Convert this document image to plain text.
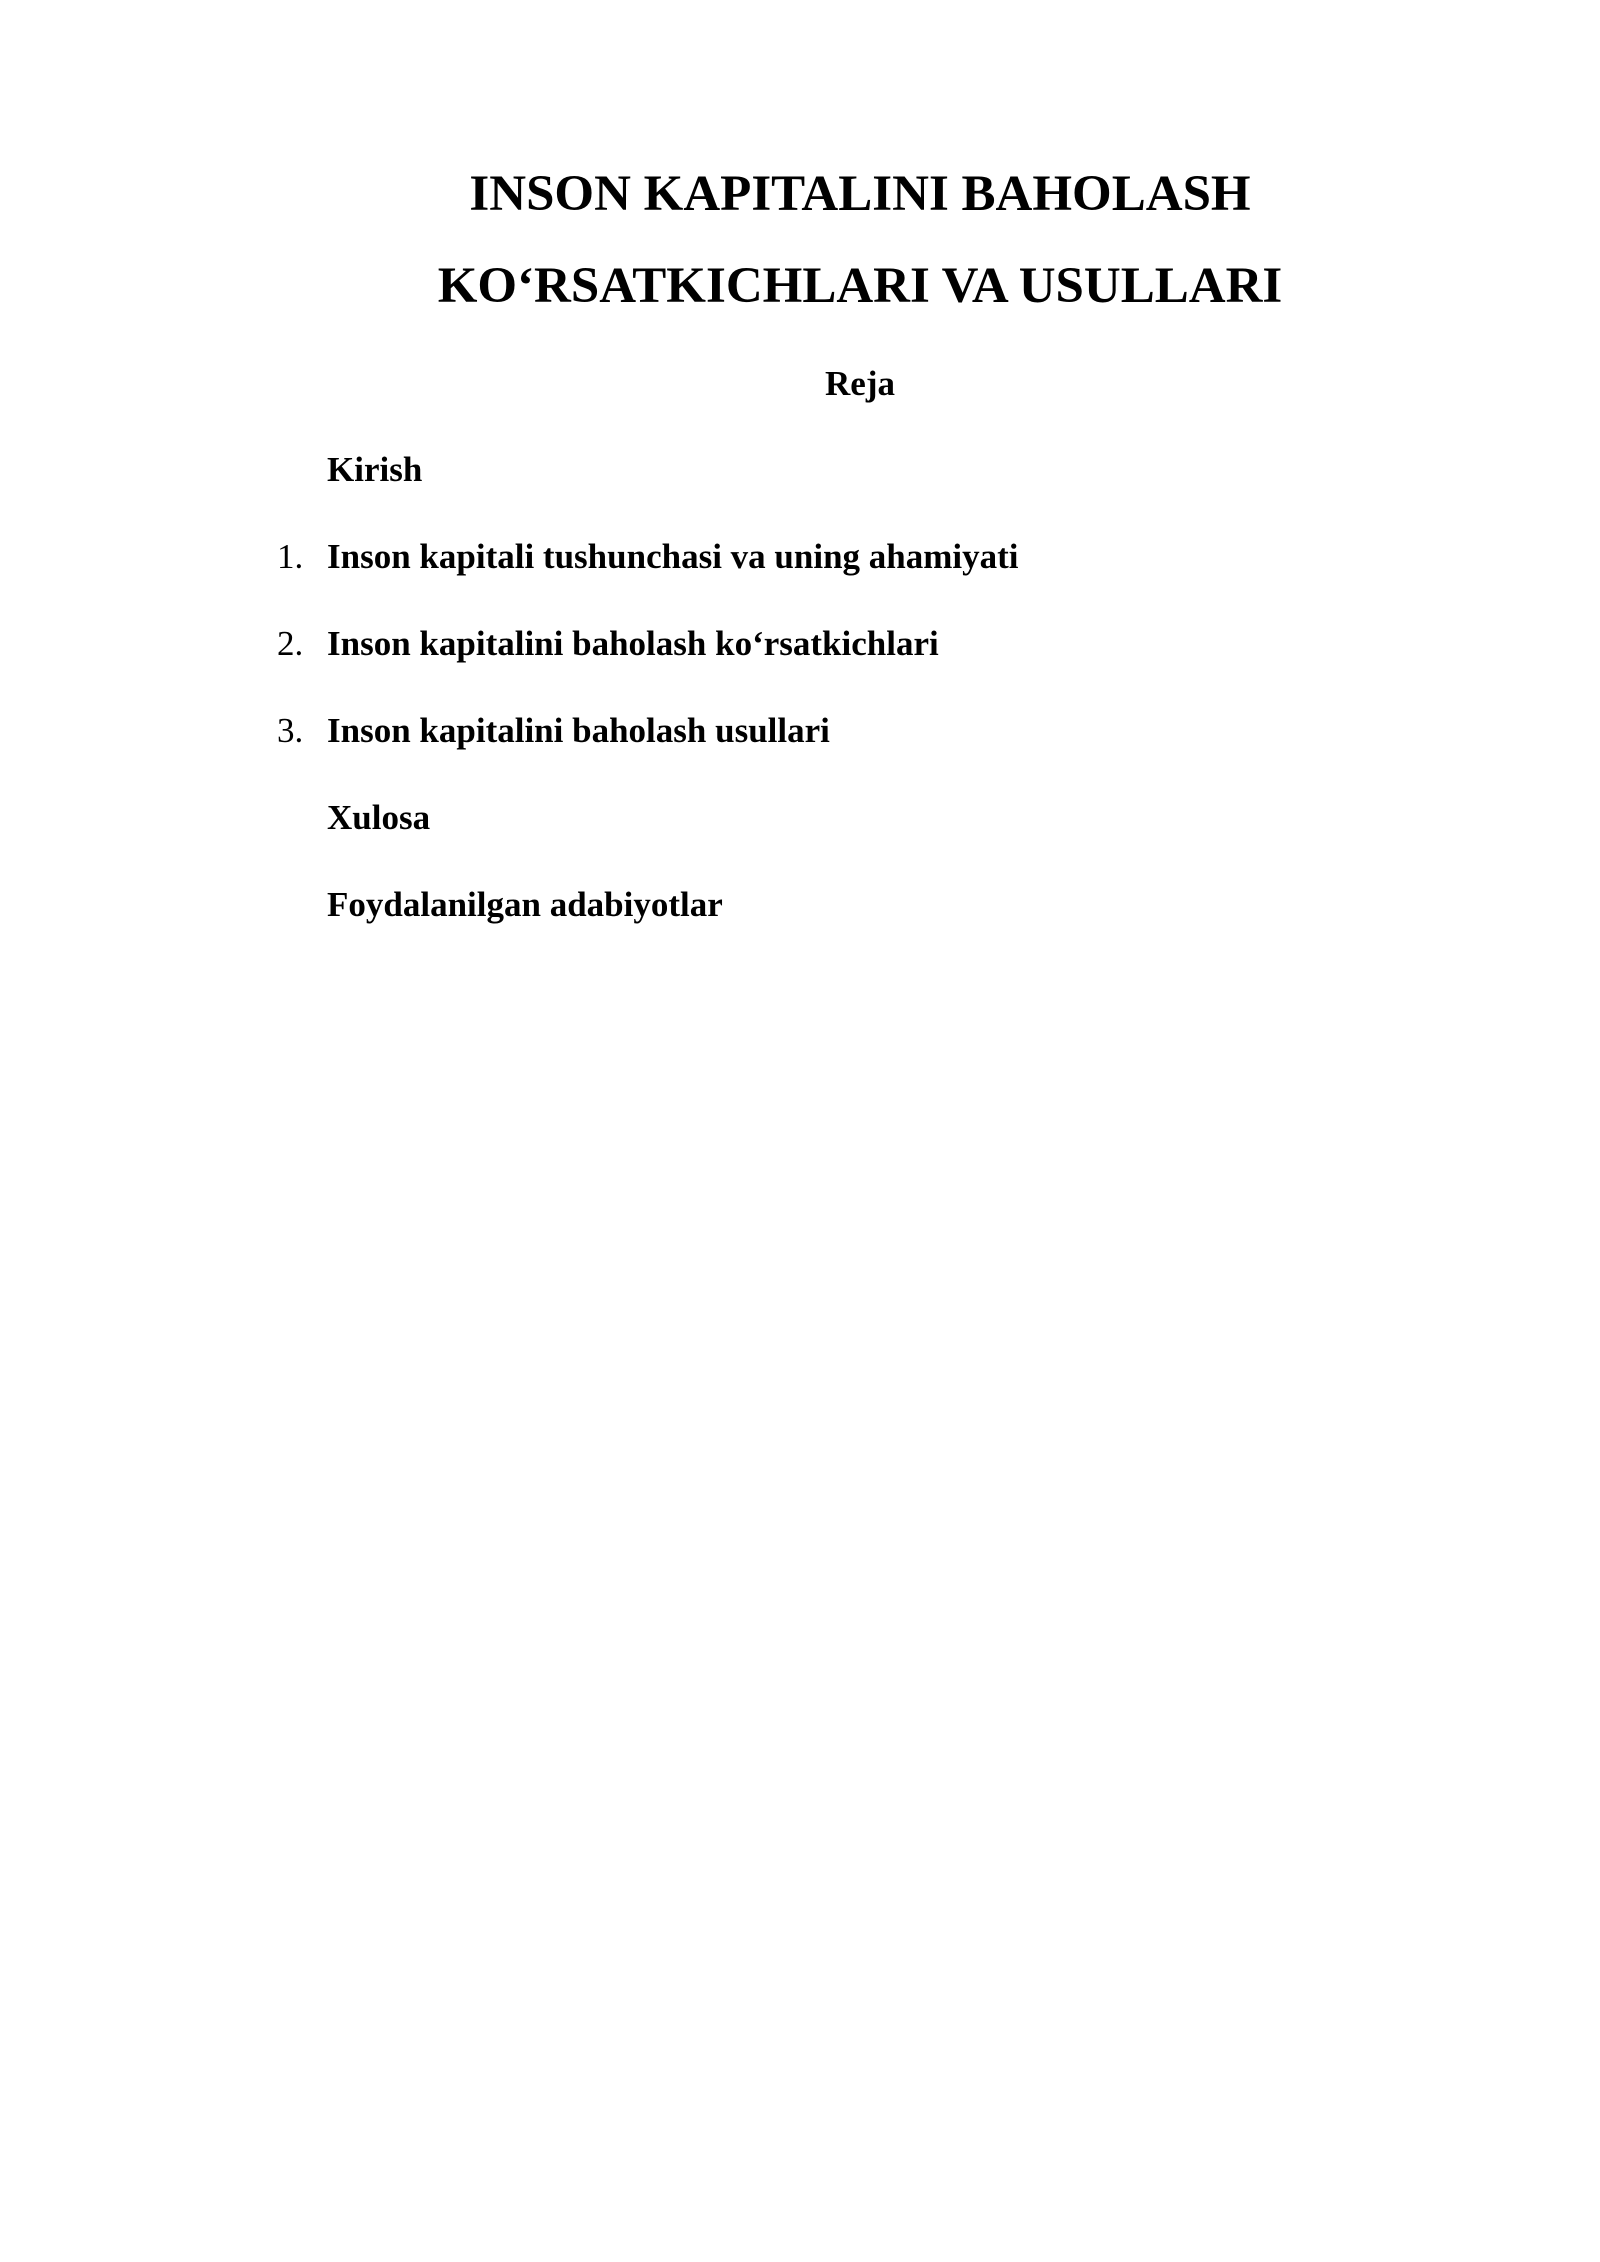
INSON KAPITALINI BAHOLASH
KO‘RSATKICHLARI VA USULLARI
Reja
Kirish
1. Inson kapitali tushunchasi va uning ahamiyati
2. Inson kapitalini baholash ko‘rsatkichlari
3. Inson kapitalini baholash usullari
Xulosa
Foydalanilgan adabiyotlar
